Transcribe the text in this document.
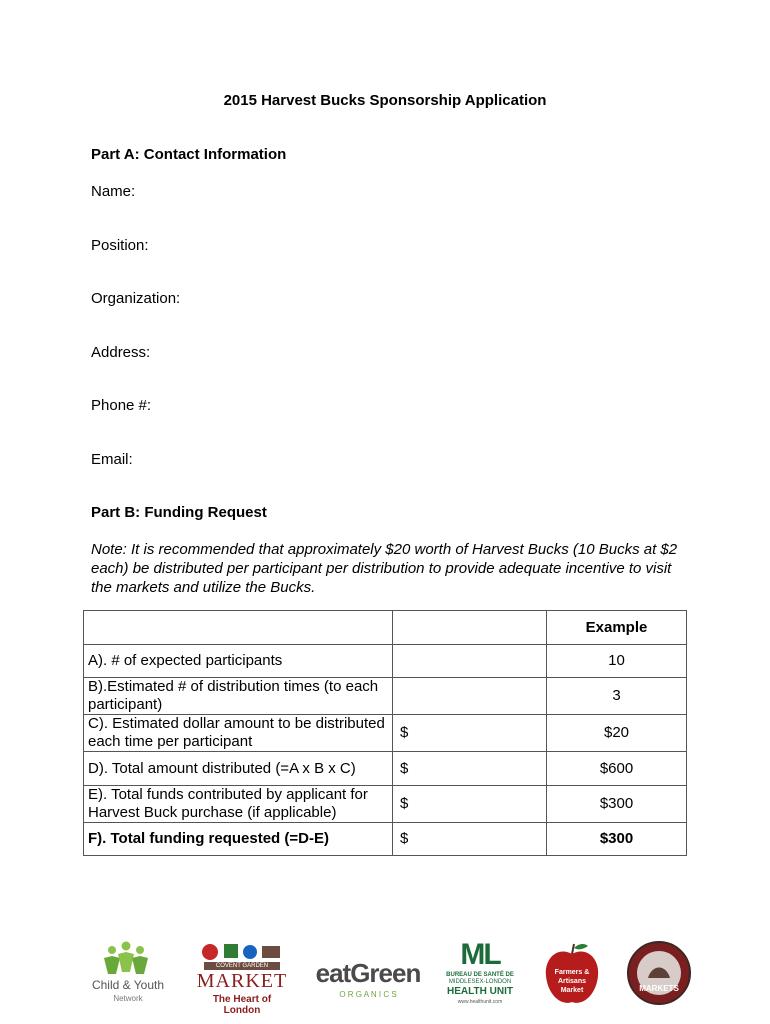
2015 Harvest Bucks Sponsorship Application
Part A: Contact Information
Name:
Position:
Organization:
Address:
Phone #:
Email:
Part B: Funding Request
Note: It is recommended that approximately $20 worth of Harvest Bucks (10 Bucks at $2 each) be distributed per participant per distribution to provide adequate incentive to visit the markets and utilize the Bucks.
		Example
A). # of expected participants		10
B).Estimated # of distribution times (to each participant)		3
C). Estimated dollar amount to be distributed each time per participant	$	$20
D). Total amount distributed (=A x B x C)	$	$600
E). Total funds contributed by applicant for Harvest Buck purchase (if applicable)	$	$300
F). Total funding requested (=D-E)	$	$300
Child & Youth
Network
COVENT GARDEN
MARKET
The Heart of London
eatGreen
O R G A N I C S
ML
BUREAU DE SANTÉ DE
MIDDLESEX-LONDON
HEALTH UNIT
www.healthunit.com
Farmers & Artisans Market	MARKETS
